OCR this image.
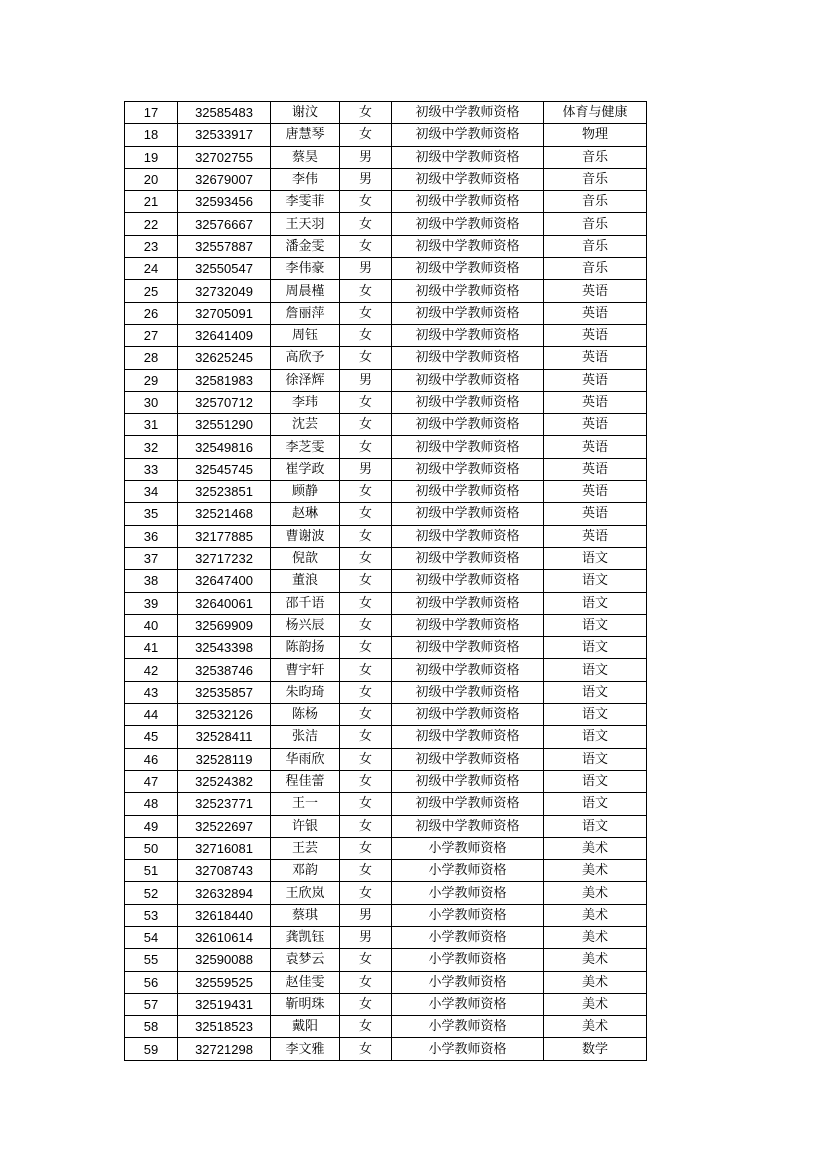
17	32585483	谢汶	女	初级中学教师资格	体育与健康
18	32533917	唐慧琴	女	初级中学教师资格	物理
19	32702755	蔡昊	男	初级中学教师资格	音乐
20	32679007	李伟	男	初级中学教师资格	音乐
21	32593456	李雯菲	女	初级中学教师资格	音乐
22	32576667	王天羽	女	初级中学教师资格	音乐
23	32557887	潘金雯	女	初级中学教师资格	音乐
24	32550547	李伟豪	男	初级中学教师资格	音乐
25	32732049	周晨槿	女	初级中学教师资格	英语
26	32705091	詹丽萍	女	初级中学教师资格	英语
27	32641409	周钰	女	初级中学教师资格	英语
28	32625245	高欣予	女	初级中学教师资格	英语
29	32581983	徐泽辉	男	初级中学教师资格	英语
30	32570712	李玮	女	初级中学教师资格	英语
31	32551290	沈芸	女	初级中学教师资格	英语
32	32549816	李芝雯	女	初级中学教师资格	英语
33	32545745	崔学政	男	初级中学教师资格	英语
34	32523851	顾静	女	初级中学教师资格	英语
35	32521468	赵琳	女	初级中学教师资格	英语
36	32177885	曹谢波	女	初级中学教师资格	英语
37	32717232	倪歆	女	初级中学教师资格	语文
38	32647400	董浪	女	初级中学教师资格	语文
39	32640061	邵千语	女	初级中学教师资格	语文
40	32569909	杨兴辰	女	初级中学教师资格	语文
41	32543398	陈韵扬	女	初级中学教师资格	语文
42	32538746	曹宇轩	女	初级中学教师资格	语文
43	32535857	朱昀琦	女	初级中学教师资格	语文
44	32532126	陈杨	女	初级中学教师资格	语文
45	32528411	张洁	女	初级中学教师资格	语文
46	32528119	华雨欣	女	初级中学教师资格	语文
47	32524382	程佳蕾	女	初级中学教师资格	语文
48	32523771	王一	女	初级中学教师资格	语文
49	32522697	许银	女	初级中学教师资格	语文
50	32716081	王芸	女	小学教师资格	美术
51	32708743	邓韵	女	小学教师资格	美术
52	32632894	王欣岚	女	小学教师资格	美术
53	32618440	蔡琪	男	小学教师资格	美术
54	32610614	龚凯钰	男	小学教师资格	美术
55	32590088	袁梦云	女	小学教师资格	美术
56	32559525	赵佳雯	女	小学教师资格	美术
57	32519431	靳明珠	女	小学教师资格	美术
58	32518523	戴阳	女	小学教师资格	美术
59	32721298	李文雅	女	小学教师资格	数学
